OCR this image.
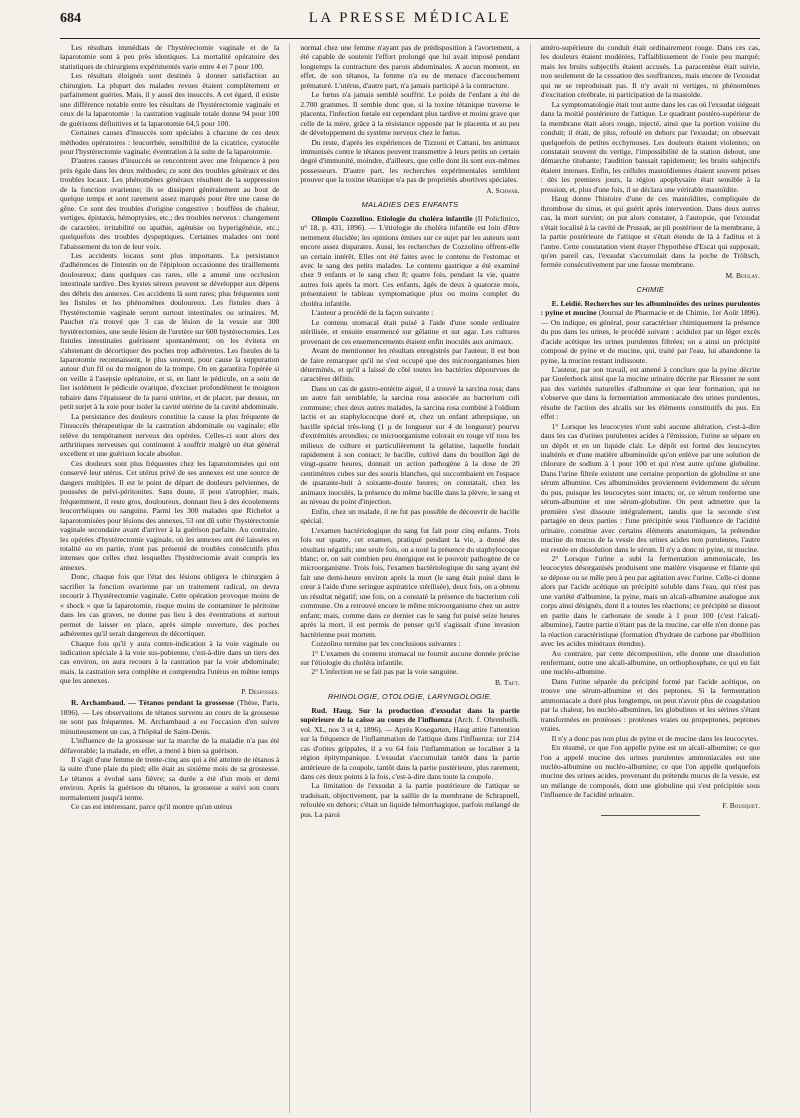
684	LA PRESSE MÉDICALE

Les résultats immédiats de l'hystérectomie vaginale et de la laparotomie sont à peu près identiques. La mortalité opératoire des statistiques de chirurgiens expérimentés varie entre 4 et 7 pour 100.

Les résultats éloignés sont destinés à donner satisfaction au chirurgien. La plupart des malades revues étaient complètement et parfaitement guéries. Mais, il y aussi des insuccès. A cet égard, il existe une différence notable entre les résultats de l'hystérectomie vaginale et ceux de la laparotomie : la castration vaginale totale donne 94 pour 100 de guérisons définitives et la laparotomie 64,5 pour 100.

Certaines causes d'insuccès sont spéciales à chacune de ces deux méthodes opératoires : leucorrhée, sensibilité de la cicatrice, cystocèle pour l'hystérectomie vaginale; éventration à la suite de la laparotomie.

D'autres causes d'insuccès se rencontrent avec une fréquence à peu près égale dans les deux méthodes; ce sont des troubles généraux et des troubles locaux. Les phénomènes généraux résultent de la suppression de la fonction ovarienne; ils se dissipent généralement au bout de quelque temps et sont rarement assez marqués pour être une cause de gêne. Ce sont des troubles d'origine congestive : bouffées de chaleur, vertiges, épistaxis, hémoptysies, etc.; des troubles nerveux : changement de caractère, irritabilité ou apathie, agénésie ou hyperigénésie, etc.; quelquefois des troubles dyspeptiques. Certaines malades ont noté l'abaissement du ton de leur voix.

Les accidents locaux sont plus importants. La persistance d'adhérences de l'intestin ou de l'épiploon occasionne des tiraillements douloureux; dans quelques cas rares, elle a amené une occlusion intestinale tardive. Des kystes séreux peuvent se développer aux dépens des débris des annexes. Ces accidents là sont rares; plus fréquentes sont les fistules et les phénomènes douloureux. Les fistules dues à l'hystérectomie vaginale seront surtout intestinales ou urinaires. M. Pauchet n'a trouvé que 3 cas de lésion de la vessie sur 300 hystérectomies, une seule lésion de l'uretère sur 600 hystérectomies. Les fistules intestinales guérissent spontanément; on les évitera en s'abstenant de décortiquer des poches trop adhérentes. Les fistules de la laparotomie reconnaissent, le plus souvent, pour cause la suppuration autour d'un fil ou du moignon de la trompe. On en garantira l'opérée si on veille à l'asepsie opératoire, et si, en liant le pédicule, on a soin de lier isolément le pédicule ovarique, d'exciser profondément le moignon tubaire dans l'épaisseur de la paroi utérine, et de placer, par dessus, un petit surjet à la soie pour isoler la cavité utérine de la cavité abdominale.

La persistance des douleurs constitue la cause la plus fréquente de l'insuccès thérapeutique de la castration abdominale ou vaginale; elle relève du tempérament nerveux des opérées. Celles-ci sont alors des arthritiques nerveuses qui continuent à souffrir malgré un état général excellent et une guérison locale absolue.

Ces douleurs sont plus fréquentes chez les laparotomisées qui ont conservé leur utérus. Cet utérus privé de ses annexes est une source de dangers multiples. Il est le point de départ de douleurs pelviennes, de poussées de pelvi-péritonites. Sans doute, il peut s'atrophier, mais, fréquemment, il reste gros, douloureux, donnant lieu à des écoulements leucorrhéiques ou sanguins. Parmi les 300 malades que Richelot a laparotomisées pour lésions des annexes, 53 ont dû subir l'hystérectomie vaginale secondaire avant d'arriver à la guérison parfaite. Au contraire, les opérées d'hystérectomie vaginale, où les annexes ont été laissées en totalité ou en partie, n'ont pas présenté de troubles consécutifs plus intenses que celles chez lesquelles l'hystérectomie avait compris les annexes.

Donc, chaque fois que l'état des lésions obligera le chirurgien à sacrifier la fonction ovarienne par un traitement radical, on devra recourir à l'hystérectomie vaginale. Cette opération provoque moins de « shock » que la laparotomie, risque moins de contaminer le péritoine dans les cas graves, ne donne pas lieu à des éventrations et surtout permet de laisser en place, après simple ouverture, des poches adhérentes qu'il serait dangereux de décortiquer.

Chaque fois qu'il y aura contre-indication à la voie vaginale ou indication spéciale à la voie sus-pubienne, c'est-à-dire dans un tiers des cas environ, on aura recours à la castration par la voie abdominale; mais, la castration sera complète et comprendra l'utérus en même temps que les annexes.

P. Desfosses.

R. Archambaud. — Tétanos pendant la grossesse (Thèse, Paris, 1896). — Les observations de tétanos survenu au cours de la grossesse ne sont pas fréquentes. M. Archambaud a eu l'occasion d'en suivre minutieusement un cas, à l'hôpital de Saint-Denis.

L'influence de la grossesse sur la marche de la maladie n'a pas été défavorable; la malade, en effet, a mené à bien sa guérison.

Il s'agit d'une femme de trente-cinq ans qui a été atteinte de tétanos à la suite d'une plaie du pied; elle était au sixième mois de sa grossesse. Le tétanos a évolué sans fièvre; sa durée a été d'un mois et demi environ. Après la guérison du tétanos, la grossesse a suivi son cours normalement jusqu'à terme.

Ce cas est intéressant, parce qu'il montre qu'un utérus

normal chez une femme n'ayant pas de prédisposition à l'avortement, a été capable de soutenir l'effort prolongé que lui avait imposé pendant longtemps la contracture des parois abdominales. A aucun moment, en effet, de son tétanos, la femme n'a eu de menace d'accouchement prématuré. L'utérus, d'autre part, n'a jamais participé à la contracture.

Le fœtus n'a jamais semblé souffrir. Le poids de l'enfant a été de 2.700 grammes. Il semble donc que, si la toxine tétanique traverse le placenta, l'infection fœtale est cependant plus tardive et moins grave que celle de la mère, grâce à la résistance opposée par le placenta et au peu de développement du système nerveux chez le fœtus.

Du reste, d'après les expériences de Tizzoni et Cattani, les animaux immunisés contre le tétanos peuvent transmettre à leurs petits un certain degré d'immunité, moindre, d'ailleurs, que celle dont ils sont eux-mêmes possesseurs. D'autre part, les recherches expérimentales semblent prouver que la toxine tétanique n'a pas de propriétés abortives spéciales.

A. Schwab.
MALADIES DES ENFANTS

Olimpio Cozzolino. Etiologie du choléra infantile (Il Policlinico, n° 18, p. 431, 1896). — L'étiologie du choléra infantile est loin d'être nettement élucidée; les opinions émises sur ce sujet par les auteurs sont encore assez disparates. Aussi, les recherches de Cozzolino offrent-elle un certain intérêt. Elles ont été faites avec le contenu de l'estomac et avec le sang des petits malades. Le contenu gastrique a été examiné chez 9 enfants et le sang chez 8; quatre fois, pendant la vie, quatre autres fois après la mort. Ces enfants, âgés de deux à quatorze mois, présentaient le tableau symptomatique plus ou moins complet du choléra infantile.

L'auteur a procédé de la façon suivante :

Le contenu stomacal était puisé à l'aide d'une sonde ordinaire stérilisée, et ensuite ensemencé sur gélatine et sur agar. Les cultures provenant de ces ensemencements étaient enfin inoculés aux animaux.

Avant de mentionner les résultats enregistrés par l'auteur, il est bon de faire remarquer qu'il ne s'est occupé que des microorganismes bien déterminés, et qu'il a laissé de côté toutes les bactéries dépourvues de caractères définis.

Dans un cas de gastro-entérite aiguë, il a trouvé la sarcina rosa; dans un autre fait semblable, la sarcina rosa associée au bacterium coli commune; chez deux autres malades, la sarcina rosa combiné à l'oïdium lactis et au staphylococque doré et, chez un enfant athrepsique, un bacille spécial très-long (1 μ de longueur sur 4 de longueur) pourvu d'extrémités arrondies; ce microorganisme colorait en rouge vif tous les milieux de culture et particulièrement la gélatine, laquelle fondait rapidement à son contact; le bacille, cultivé dans du bouillon âgé de vingt-quatre heures, donnait un action pathogène à la dose de 20 centimètres cubes sur des souris blanches, qui succombaient en l'espace de quarante-huit à soixante-douze heures; on constatait, chez les animaux inoculés, la présence du même bacille dans la plèvre, le sang et au niveau du point d'injection.

Enfin, chez un malade, il ne fut pas possible de découvrir de bacille spécial.

L'examen bactériologique du sang fut fait pour cinq enfants. Trois fois sur quatre, cet examen, pratiqué pendant la vie, a donné des résultats négatifs; une seule fois, on a noté la présence du staphylocoque blanc; or, on sait combien peu énergique est le pouvoir pathogène de ce microorganisme. Trois fois, l'examen bactériologique du sang ayant été fait une demi-heure environ après la mort (le sang était puisé dans le cœur à l'aide d'une seringue aspiratrice stérilisée), deux fois, on a obtenu un résultat négatif; une fois, on a constaté la présence du bacterium coli commune. On a retrouvé encore le même microorganisme chez un autre enfant; mais, comme dans ce dernier cas le sang fut puisé seize heures après la mort, il est permis de penser qu'il s'agissait d'une invasion bactérienne post mortem.

Cozzolino termine par les conclusions suivantes :

1° L'examen du contenu stomacal ne fournit aucune donnée précise sur l'étiologie du choléra infantile.

2° L'infection ne se fait pas par la voie sanguine.

B. Taft.
RHINOLOGIE, OTOLOGIE, LARYNGOLOGIE.

Rud. Haug. Sur la production d'exsudat dans la partie supérieure de la caisse au cours de l'influenza (Arch. f. Ohrenheilk. vol. XL, nos 3 et 4, 1896). — Après Kosegarten, Haug attire l'attention sur la fréquence de l'inflammation de l'attique dans l'influenza: sur 214 cas d'otites grippales, il a vu 64 fois l'inflammation se localiser à la région épitympanique. L'exsudat s'accumulait tantôt dans la partie antérieure de la coupole, tantôt dans la partie postérieure, plus rarement, dans ces deux points à la fois, c'est-à-dire dans toute la coupole.

La limitation de l'exsudat à la partie postérieure de l'attique se traduisait, objectivement, par la saillie de la membrane de Schrapnell, refoulée en dehors; c'était un liquide hémorrhagique, parfois mélangé de pus. La paroi

antéro-supérieure du conduit était ordinairement rouge. Dans ces cas, les douleurs étaient modérées, l'affaiblissement de l'ouïe peu marqué; mais les bruits subjectifs étaient accusés. La paracentèse était suivie, non seulement de la cessation des souffrances, mais encore de l'exsudat qui ne se reproduisait pas. Il n'y avait ni vertiges, ni phénomènes d'excitation cérébrale, ni participation de la mastoïde.

La symptomatologie était tout autre dans les cas où l'exsudat siégeait dans la moitié postérieure de l'attique. Le quadrant postéro-supérieur de la membrane était alors rouge, injecté, ainsi que la portion voisine du conduit; il était, de plus, refoulé en dehors par l'exsudat; on observait quelquefois de petites ecchymoses. Les douleurs étaient violentes; on constatait souvent du vertige, l'impossibilité de la station debout, une démarche titubante; l'audition baissait rapidement; les bruits subjectifs étaient intenses. Enfin, les cellules mastoïdiennes étaient souvent prises : dès les premiers jours, la région apophysaire était sensible à la pression, et, plus d'une fois, il se déclara une véritable mastoïdite.

Haug donne l'histoire d'une de ces mastoïdites, compliquée de thrombose du sinus, et qui guérit après intervention. Dans deux autres cas, la mort survint; on put alors constater, à l'autopsie, que l'exsudat s'était localisé à la cavité de Prussak, au pli postérieur de la membrane, à la partie postérieure de l'attique et s'était étendu de là à l'aditus et à l'antre. Cette constatation vient étayer l'hypothèse d'Escat qui supposait, qu'en pareil cas, l'exsudat s'accumulait dans la poche de Tröltsch, fermée consécutivement par une fausse membrane.

M. Boulay.
CHIMIE

E. Leidié. Recherches sur les albuminoïdes des urines purulentes : pyine et mucine (Journal de Pharmacie et de Chimie, 1er Août 1896). — On indique, en général, pour caractériser chimiquement la présence du pus dans les urines, le procédé suivant : acidulez par un léger excès d'acide acétique les urines purulentes filtrées; on a ainsi un précipité composé de pyine et de mucine, qui, traité par l'eau, lui abandonne la pyine, la mucine restant indissoute.

L'auteur, par son travail, est amené à conclure que la pyine décrite par Guelerbock ainsi que la mucine urinaire décrite par Riessner ne sont pas des variétés naturelles d'albumine et que leur formation, qui ne s'observe que dans la fermentation ammoniacale des urines purulentes, résulte de l'action des alcalis sur les éléments constitutifs du pus. En effet :

1° Lorsque les leucocytes n'ont subi aucune altération, c'est-à-dire dans les cas d'urines purulentes acides à l'émission, l'urine se sépare en un dépôt et en un liquide clair. Le dépôt est formé des leucocytes inaltérés et d'une matière albuminoïde qu'on enlève par une solution de chlorure de sodium à 1 pour 100 et qui n'est autre qu'une globuline. Dans l'urine filtrée existent une certaine proportion de globuline et une sérum albumine. Ces albuminoïdes proviennent évidemment du sérum du pus, puisque les leucocytes sont intacts; or, ce sérum renferme une sérum-albumine et une sérum-globuline. On peut admettre que la première s'est dissoute intégralement, tandis que la seconde s'est partagée en deux parties : l'une précipitée sous l'influence de l'acidité urinaire, constitue avec certains éléments anatomiques, la prétendue mucine du mucus de la vessie des urines acides non purulentes, l'autre est restée en dissolution dans le sérum. Il n'y a donc ni pyine, ni mucine.

2° Lorsque l'urine a subi la fermentation ammoniacale, les leucocytes désorganisés produisent une matière visqueuse et filante qui se dépose ou se mêle peu à peu par agitation avec l'urine. Celle-ci donne alors par l'acide acétique un précipité soluble dans l'eau, qui n'est pas une variété d'albumine, la pyine, mais un alcali-albumine analogue aux corps ainsi désignés, dont il a toutes les réactions; ce précipité se dissout en partie dans le carbonate de soude à 1 pour 100 (c'est l'alcali-albumine), l'autre partie n'étant pas de la mucine, car elle n'en donne pas la réaction caractéristique (formation d'hydrate de carbone par ébullition avec les acides minéraux étendus).

Au contraire, par cette décomposition, elle donne une dissolution renfermant, outre une alcali-albumine, un orthophosphate, ce qui en fait une nucléo-albumine.

Dans l'urine séparée du précipité formé par l'acide acétique, on trouve une sérum-albumine et des peptones. Si la fermentation ammoniacale a duré plus longtemps, on peut n'avoir plus de coagulation par la chaleur, les nucléo-albumines, les globulines et les sérines s'étant transformées en protéoses : protéoses vraies ou propeptones, peptones vraies.

Il n'y a donc pas non plus de pyine et de mucine dans les leucocytes.

En résumé, ce que l'on appelle pyine est un alcali-albumine; ce que l'on a appelé mucine des urines purulentes ammoniacales est une nucléo-albumine ou nucléo-albumine; ce que l'on appelle quelquefois mucine des urines acides, provenant du prétendu mucus de la vessie, est un mélange de composés, dont une globuline qui s'est précipitée sous l'influence de l'acidité urinaire.

F. Bousquet.
